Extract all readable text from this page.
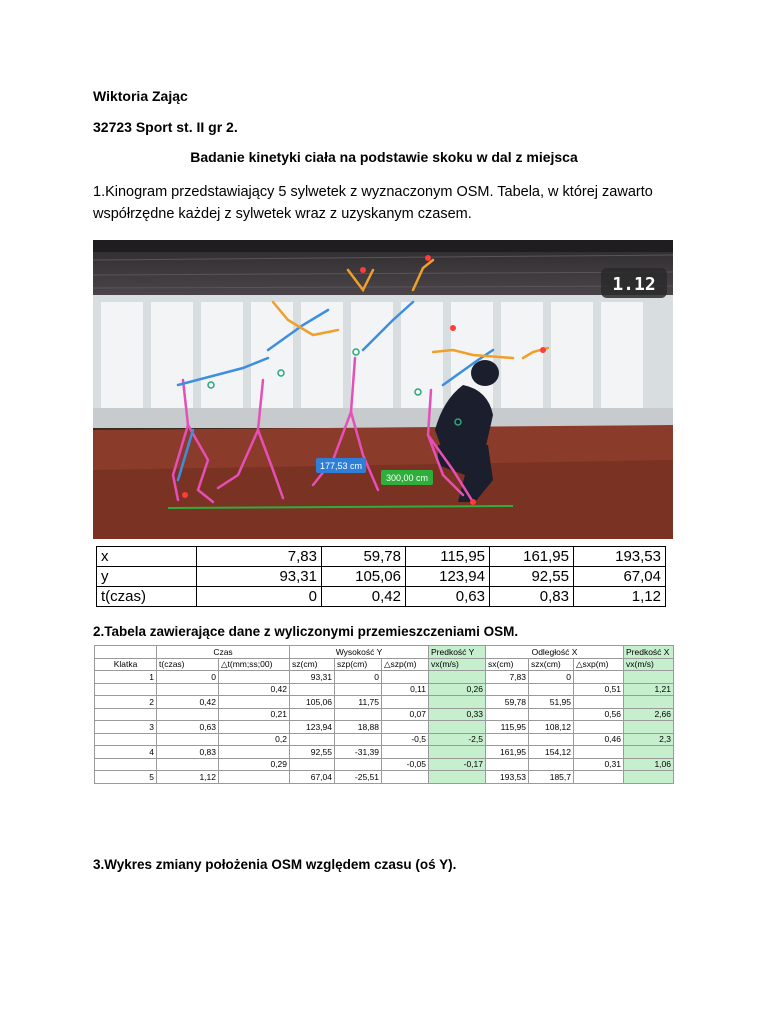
Wiktoria Zając
32723 Sport st. II gr 2.
Badanie kinetyki ciała na podstawie skoku w dal z miejsca
1.Kinogram przedstawiający 5 sylwetek z wyznaczonym OSM. Tabela, w której zawarto współrzędne każdej z sylwetek wraz z uzyskanym czasem.
1.12
177,53 cm
300,00 cm
x	7,83	59,78	115,95	161,95	193,53
y	93,31	105,06	123,94	92,55	67,04
t(czas)	0	0,42	0,63	0,83	1,12
2.Tabela zawierające dane z wyliczonymi przemieszczeniami OSM.
	Czas		Wysokość Y			Predkość Y	Odległość X			Predkość X
Klatka	t(czas)	△t(mm;ss;00)	sz(cm)	szp(cm)	△szp(m)	vx(m/s)	sx(cm)	szx(cm)	△sxp(m)	vx(m/s)
1	0		93,31	0			7,83	0		
		0,42			0,11	0,26			0,51	1,21
2	0,42		105,06	11,75			59,78	51,95		
		0,21			0,07	0,33			0,56	2,66
3	0,63		123,94	18,88			115,95	108,12		
		0,2			-0,5	-2,5			0,46	2,3
4	0,83		92,55	-31,39			161,95	154,12		
		0,29			-0,05	-0,17			0,31	1,06
5	1,12		67,04	-25,51			193,53	185,7		
3.Wykres zmiany położenia OSM względem czasu (oś Y).
